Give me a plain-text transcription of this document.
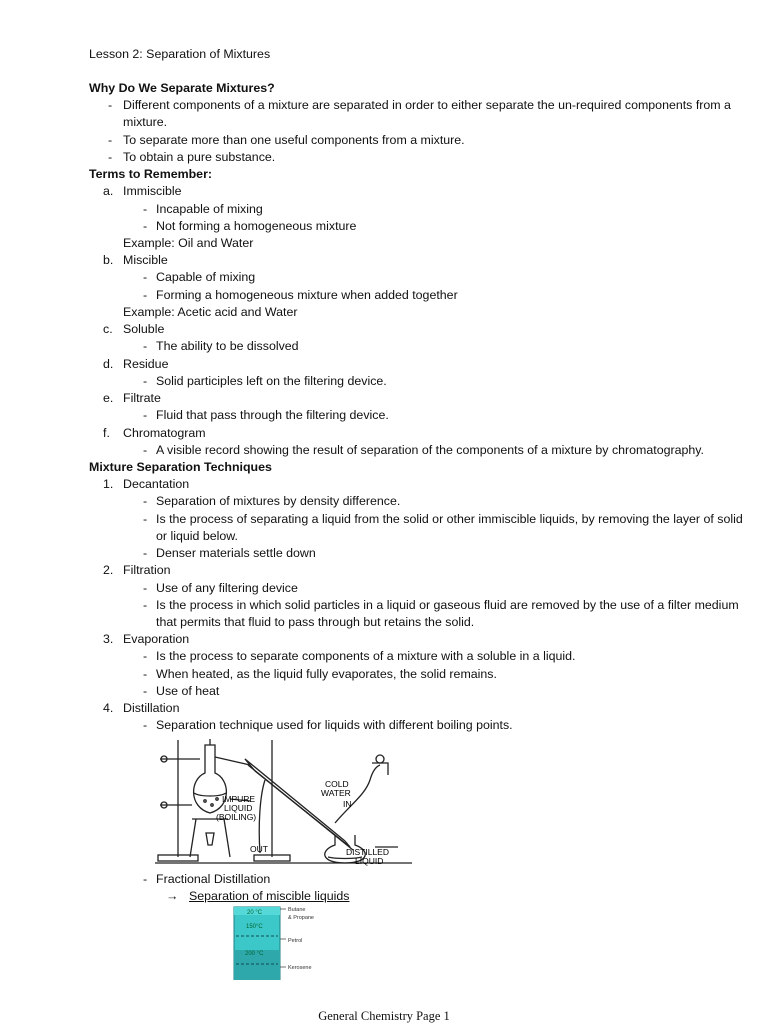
Lesson 2: Separation of Mixtures
Why Do We Separate Mixtures?
- Different components of a mixture are separated in order to either separate the un-required components from a
mixture.
- To separate more than one useful components from a mixture.
- To obtain a pure substance.
Terms to Remember:
a. Immiscible
- Incapable of mixing
- Not forming a homogeneous mixture
Example: Oil and Water
b. Miscible
- Capable of mixing
- Forming a homogeneous mixture when added together
Example: Acetic acid and Water
c. Soluble
- The ability to be dissolved
d. Residue
- Solid participles left on the filtering device.
e. Filtrate
- Fluid that pass through the filtering device.
f. Chromatogram
- A visible record showing the result of separation of the components of a mixture by chromatography.
Mixture Separation Techniques
1. Decantation
- Separation of mixtures by density difference.
- Is the process of separating a liquid from the solid or other immiscible liquids, by removing the layer of solid
or liquid below.
- Denser materials settle down
2. Filtration
- Use of any filtering device
- Is the process in which solid particles in a liquid or gaseous fluid are removed by the use of a filter medium
that permits that fluid to pass through but retains the solid.
3. Evaporation
- Is the process to separate components of a mixture with a soluble in a liquid.
- When heated, as the liquid fully evaporates, the solid remains.
- Use of heat
4. Distillation
- Separation technique used for liquids with different boiling points.
COLD
WATER
IN
IMPURE
LIQUID
(BOILING)
OUT	DISTILLED
LIQUID
- Fractional Distillation
→ Separation of miscible liquids
20 °C
150°C
200 °C
Butane
& Propane
Petrol
Kerosene
General Chemistry Page 1
